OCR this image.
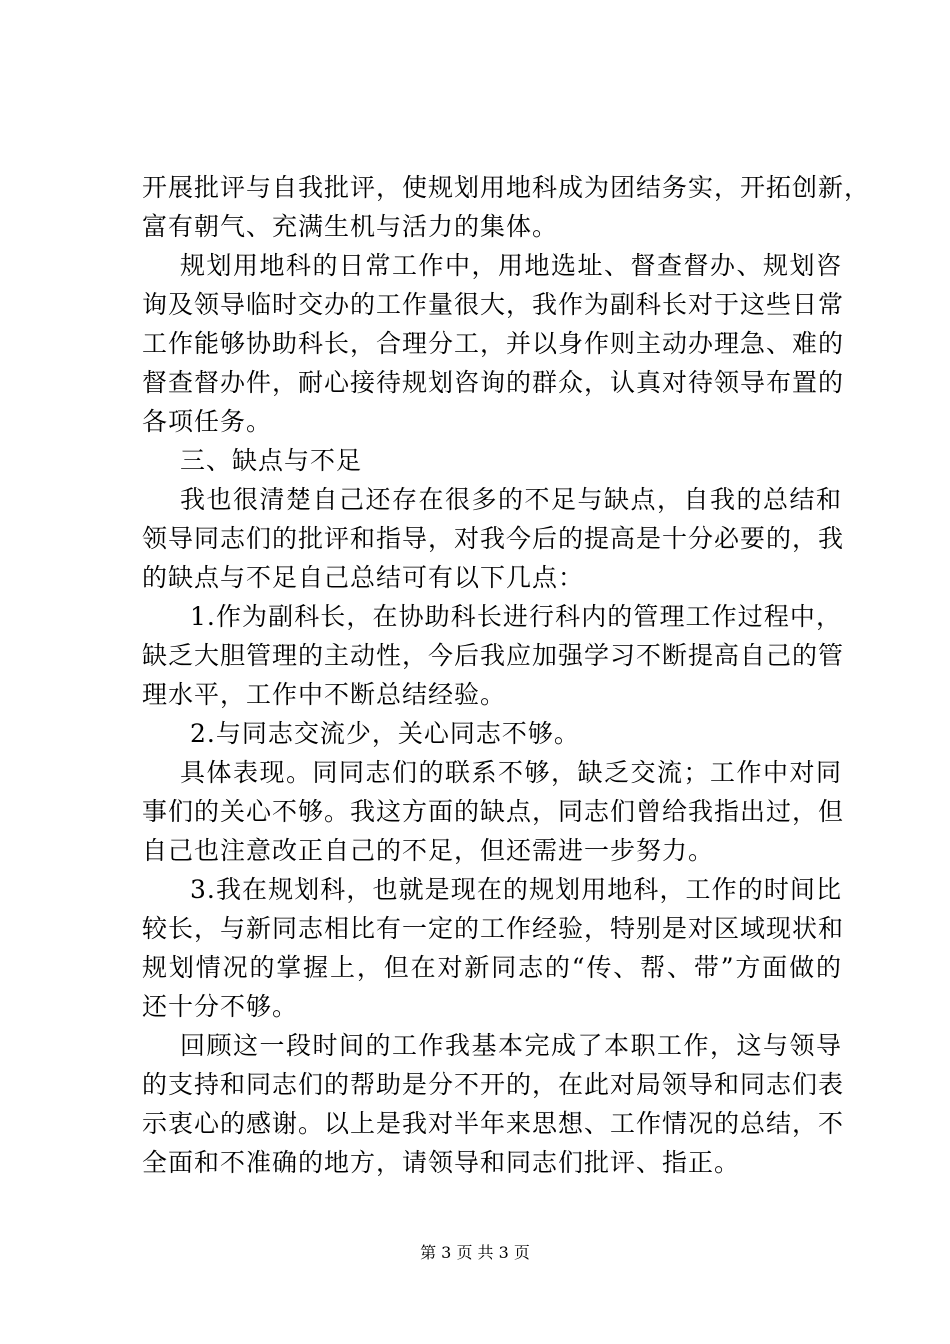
开展批评与自我批评，使规划用地科成为团结务实，开拓创新，
富有朝气、充满生机与活力的集体。
规划用地科的日常工作中，用地选址、督查督办、规划咨
询及领导临时交办的工作量很大，我作为副科长对于这些日常
工作能够协助科长，合理分工，并以身作则主动办理急、难的
督查督办件，耐心接待规划咨询的群众，认真对待领导布置的
各项任务。
三、缺点与不足
我也很清楚自己还存在很多的不足与缺点，自我的总结和
领导同志们的批评和指导，对我今后的提高是十分必要的，我
的缺点与不足自己总结可有以下几点：
1.作为副科长，在协助科长进行科内的管理工作过程中，
缺乏大胆管理的主动性，今后我应加强学习不断提高自己的管
理水平，工作中不断总结经验。
2.与同志交流少，关心同志不够。
具体表现。同同志们的联系不够，缺乏交流；工作中对同
事们的关心不够。我这方面的缺点，同志们曾给我指出过，但
自己也注意改正自己的不足，但还需进一步努力。
3.我在规划科，也就是现在的规划用地科，工作的时间比
较长，与新同志相比有一定的工作经验，特别是对区域现状和
规划情况的掌握上，但在对新同志的“传、帮、带”方面做的
还十分不够。
回顾这一段时间的工作我基本完成了本职工作，这与领导
的支持和同志们的帮助是分不开的，在此对局领导和同志们表
示衷心的感谢。以上是我对半年来思想、工作情况的总结，不
全面和不准确的地方，请领导和同志们批评、指正。
第 3 页 共 3 页
